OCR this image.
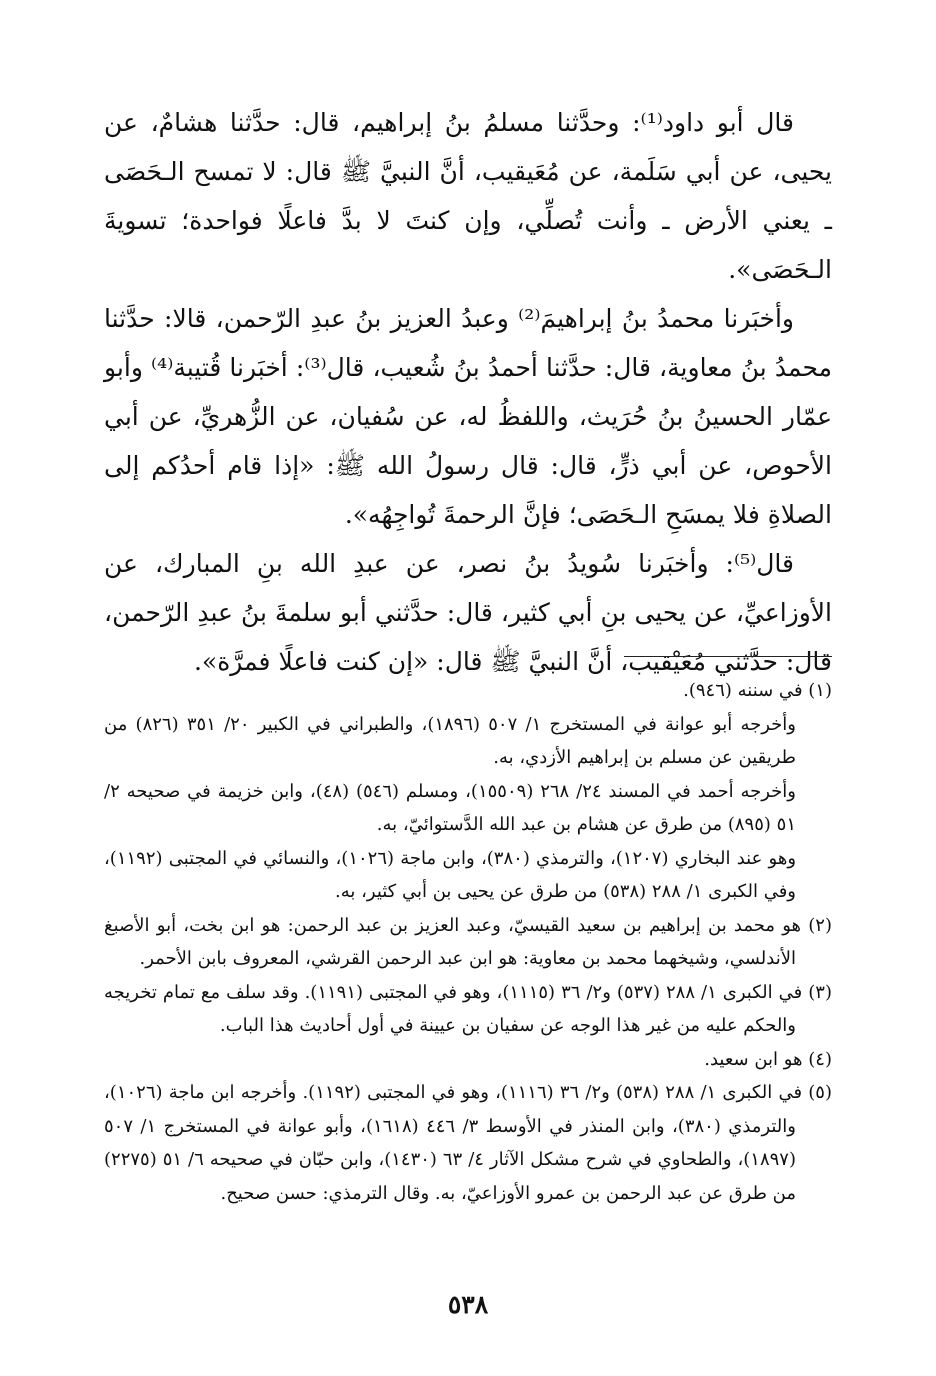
قال أبو داود⁽¹⁾: وحدَّثنا مسلمُ بنُ إبراهيم، قال: حدَّثنا هشامٌ، عن يحيى، عن أبي سَلَمة، عن مُعَيقيب، أنَّ النبيَّ ﷺ قال: لا تمسح الـحَصَى ـ يعني الأرض ـ وأنت تُصلِّي، وإن كنتَ لا بدَّ فاعلًا فواحدة؛ تسويةَ الـحَصَى».

وأخبَرنا محمدُ بنُ إبراهيمَ⁽²⁾ وعبدُ العزيز بنُ عبدِ الرّحمن، قالا: حدَّثنا محمدُ بنُ معاوية، قال: حدَّثنا أحمدُ بنُ شُعيب، قال⁽³⁾: أخبَرنا قُتيبة⁽⁴⁾ وأبو عمّار الحسينُ بنُ حُرَيث، واللفظُ له، عن سُفيان، عن الزُّهريِّ، عن أبي الأحوص، عن أبي ذرٍّ، قال: قال رسولُ الله ﷺ: «إذا قام أحدُكم إلى الصلاةِ فلا يمسَحِ الـحَصَى؛ فإنَّ الرحمةَ تُواجِهُه».

قال⁽⁵⁾: وأخبَرنا سُويدُ بنُ نصر، عن عبدِ الله بنِ المبارك، عن الأوزاعيِّ، عن يحيى بنِ أبي كثير، قال: حدَّثني أبو سلمةَ بنُ عبدِ الرّحمن، قال: حدَّثني مُعَيْقيب، أنَّ النبيَّ ﷺ قال: «إن كنت فاعلًا فمرَّة».

(١) في سننه (٩٤٦).

وأخرجه أبو عوانة في المستخرج ١/ ٥٠٧ (١٨٩٦)، والطبراني في الكبير ٢٠/ ٣٥١ (٨٢٦) من طريقين عن مسلم بن إبراهيم الأزدي، به.

وأخرجه أحمد في المسند ٢٤/ ٢٦٨ (١٥٥٠٩)، ومسلم (٥٤٦) (٤٨)، وابن خزيمة في صحيحه ٢/ ٥١ (٨٩٥) من طرق عن هشام بن عبد الله الدَّستوائيّ، به.

وهو عند البخاري (١٢٠٧)، والترمذي (٣٨٠)، وابن ماجة (١٠٢٦)، والنسائي في المجتبى (١١٩٢)، وفي الكبرى ١/ ٢٨٨ (٥٣٨) من طرق عن يحيى بن أبي كثير، به.

(٢) هو محمد بن إبراهيم بن سعيد القيسيّ، وعبد العزيز بن عبد الرحمن: هو ابن بخت، أبو الأصبغ الأندلسي، وشيخهما محمد بن معاوية: هو ابن عبد الرحمن القرشي، المعروف بابن الأحمر.

(٣) في الكبرى ١/ ٢٨٨ (٥٣٧) و٢/ ٣٦ (١١١٥)، وهو في المجتبى (١١٩١). وقد سلف مع تمام تخريجه والحكم عليه من غير هذا الوجه عن سفيان بن عيينة في أول أحاديث هذا الباب.

(٤) هو ابن سعيد.

(٥) في الكبرى ١/ ٢٨٨ (٥٣٨) و٢/ ٣٦ (١١١٦)، وهو في المجتبى (١١٩٢). وأخرجه ابن ماجة (١٠٢٦)، والترمذي (٣٨٠)، وابن المنذر في الأوسط ٣/ ٤٤٦ (١٦١٨)، وأبو عوانة في المستخرج ١/ ٥٠٧ (١٨٩٧)، والطحاوي في شرح مشكل الآثار ٤/ ٦٣ (١٤٣٠)، وابن حبّان في صحيحه ٦/ ٥١ (٢٢٧٥) من طرق عن عبد الرحمن بن عمرو الأوزاعيّ، به. وقال الترمذي: حسن صحيح.

٥٣٨
